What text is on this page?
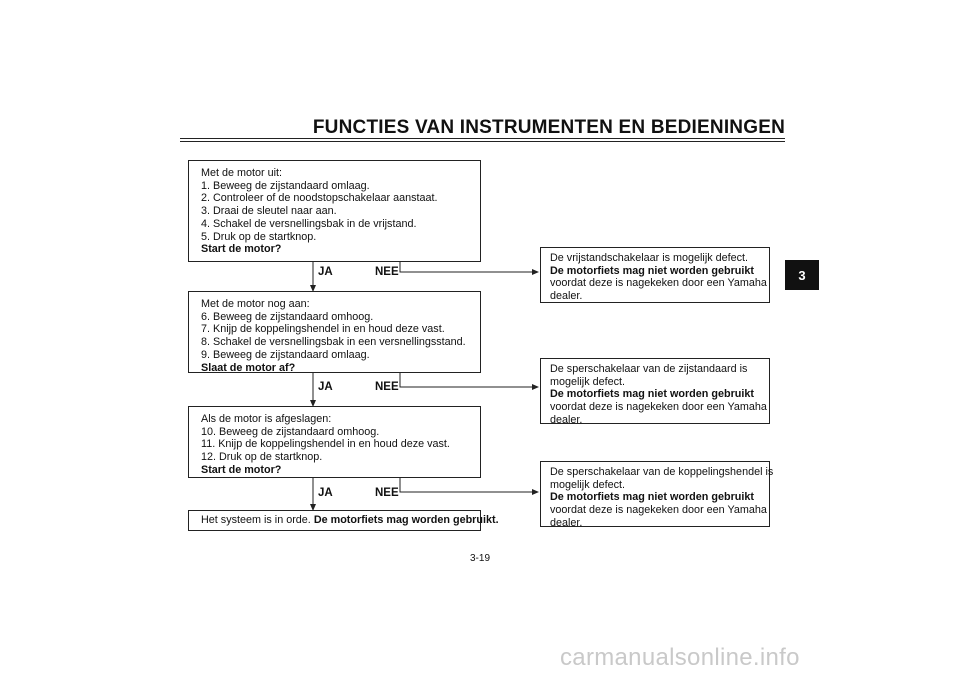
FUNCTIES VAN INSTRUMENTEN EN BEDIENINGEN
3
Met de motor uit:
1. Beweeg de zijstandaard omlaag.
2. Controleer of de noodstopschakelaar aanstaat.
3. Draai de sleutel naar aan.
4. Schakel de versnellingsbak in de vrijstand.
5. Druk op de startknop.
Start de motor?
JA	NEE
Met de motor nog aan:
6. Beweeg de zijstandaard omhoog.
7. Knijp de koppelingshendel in en houd deze vast.
8. Schakel de versnellingsbak in een versnellingsstand.
9. Beweeg de zijstandaard omlaag.
Slaat de motor af?
JA	NEE
Als de motor is afgeslagen:
10. Beweeg de zijstandaard omhoog.
11. Knijp de koppelingshendel in en houd deze vast.
12. Druk op de startknop.
Start de motor?
JA	NEE
Het systeem is in orde. De motorfiets mag worden gebruikt.
De vrijstandschakelaar is mogelijk defect.
De motorfiets mag niet worden gebruikt
voordat deze is nagekeken door een Yamaha
dealer.
De sperschakelaar van de zijstandaard is
mogelijk defect.
De motorfiets mag niet worden gebruikt
voordat deze is nagekeken door een Yamaha
dealer.
De sperschakelaar van de koppelingshendel is
mogelijk defect.
De motorfiets mag niet worden gebruikt
voordat deze is nagekeken door een Yamaha
dealer.
3-19
carmanualsonline.info
